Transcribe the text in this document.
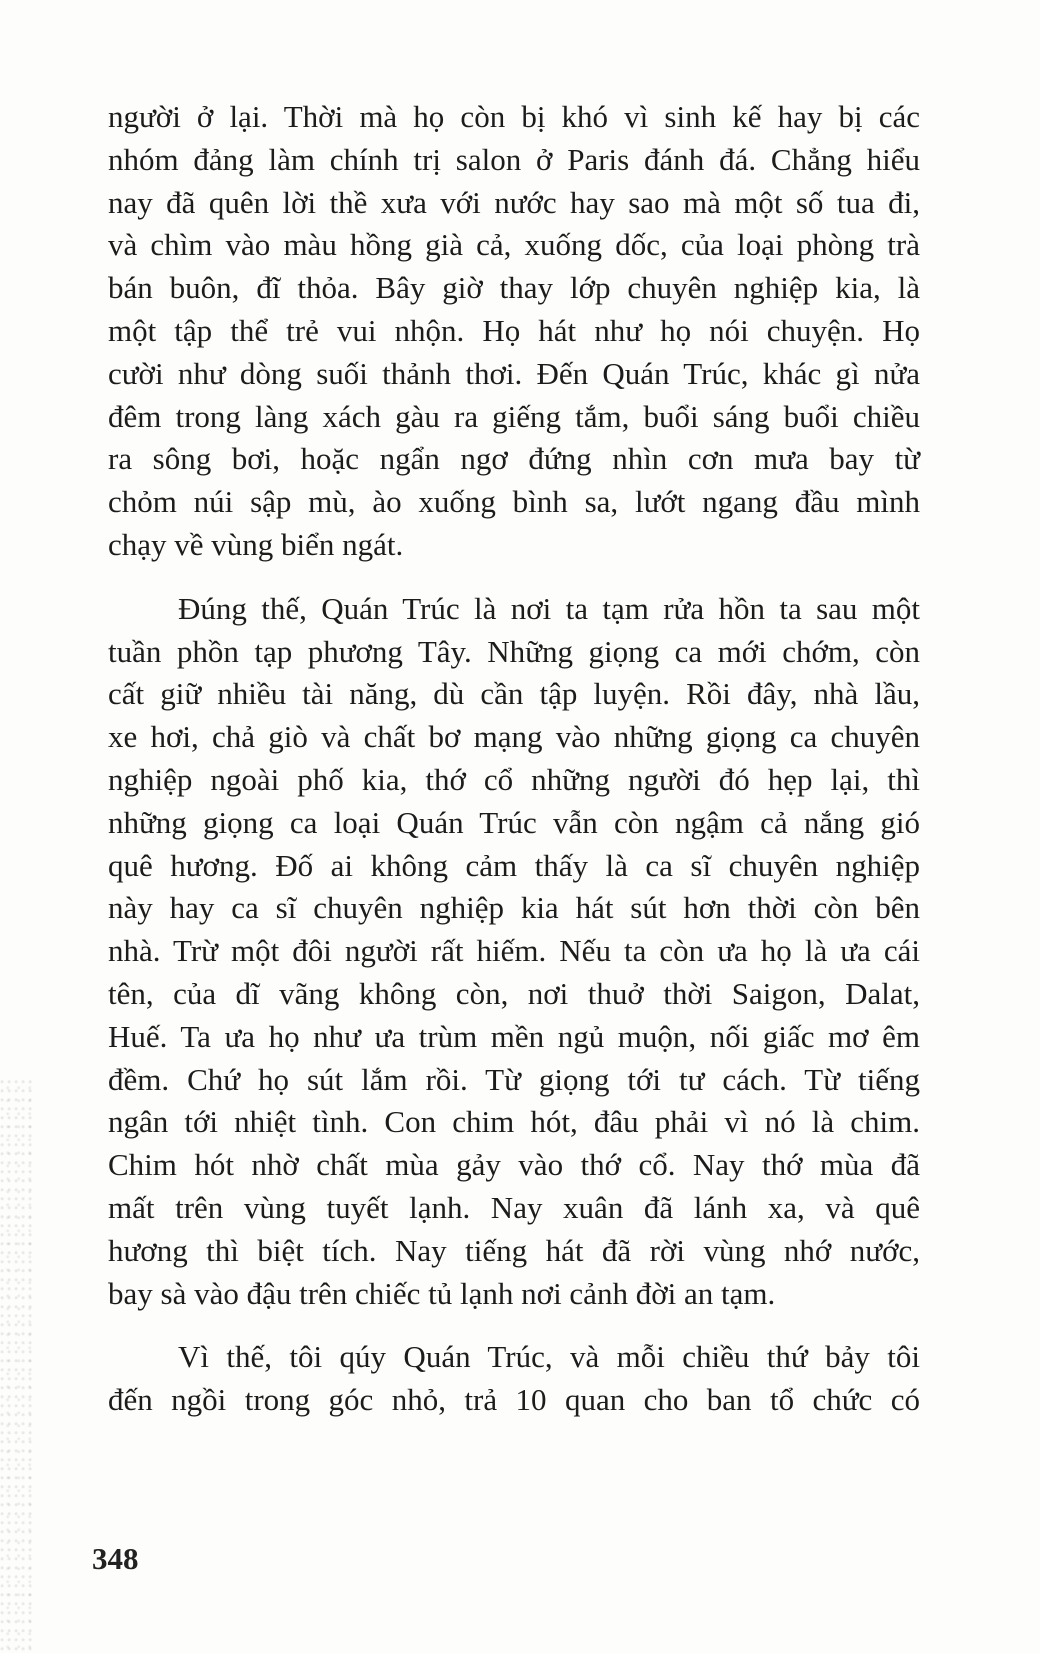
người ở lại. Thời mà họ còn bị khó vì sinh kế hay bị các
nhóm đảng làm chính trị salon ở Paris đánh đá. Chẳng hiểu
nay đã quên lời thề xưa với nước hay sao mà một số tua đi,
và chìm vào màu hồng già cả, xuống dốc, của loại phòng trà
bán buôn, đĩ thỏa. Bây giờ thay lớp chuyên nghiệp kia, là
một tập thể trẻ vui nhộn. Họ hát như họ nói chuyện. Họ
cười như dòng suối thảnh thơi. Đến Quán Trúc, khác gì nửa
đêm trong làng xách gàu ra giếng tắm, buổi sáng buổi chiều
ra sông bơi, hoặc ngẩn ngơ đứng nhìn cơn mưa bay từ
chỏm núi sập mù, ào xuống bình sa, lướt ngang đầu mình
chạy về vùng biển ngát.

Đúng thế, Quán Trúc là nơi ta tạm rửa hồn ta sau một
tuần phồn tạp phương Tây. Những giọng ca mới chớm, còn
cất giữ nhiều tài năng, dù cần tập luyện. Rồi đây, nhà lầu,
xe hơi, chả giò và chất bơ mạng vào những giọng ca chuyên
nghiệp ngoài phố kia, thớ cổ những người đó hẹp lại, thì
những giọng ca loại Quán Trúc vẫn còn ngậm cả nắng gió
quê hương. Đố ai không cảm thấy là ca sĩ chuyên nghiệp
này hay ca sĩ chuyên nghiệp kia hát sút hơn thời còn bên
nhà. Trừ một đôi người rất hiếm. Nếu ta còn ưa họ là ưa cái
tên, của dĩ vãng không còn, nơi thuở thời Saigon, Dalat,
Huế. Ta ưa họ như ưa trùm mền ngủ muộn, nối giấc mơ êm
đềm. Chứ họ sút lắm rồi. Từ giọng tới tư cách. Từ tiếng
ngân tới nhiệt tình. Con chim hót, đâu phải vì nó là chim.
Chim hót nhờ chất mùa gảy vào thớ cổ. Nay thớ mùa đã
mất trên vùng tuyết lạnh. Nay xuân đã lánh xa, và quê
hương thì biệt tích. Nay tiếng hát đã rời vùng nhớ nước,
bay sà vào đậu trên chiếc tủ lạnh nơi cảnh đời an tạm.

Vì thế, tôi qúy Quán Trúc, và mỗi chiều thứ bảy tôi
đến ngồi trong góc nhỏ, trả 10 quan cho ban tổ chức có

348
